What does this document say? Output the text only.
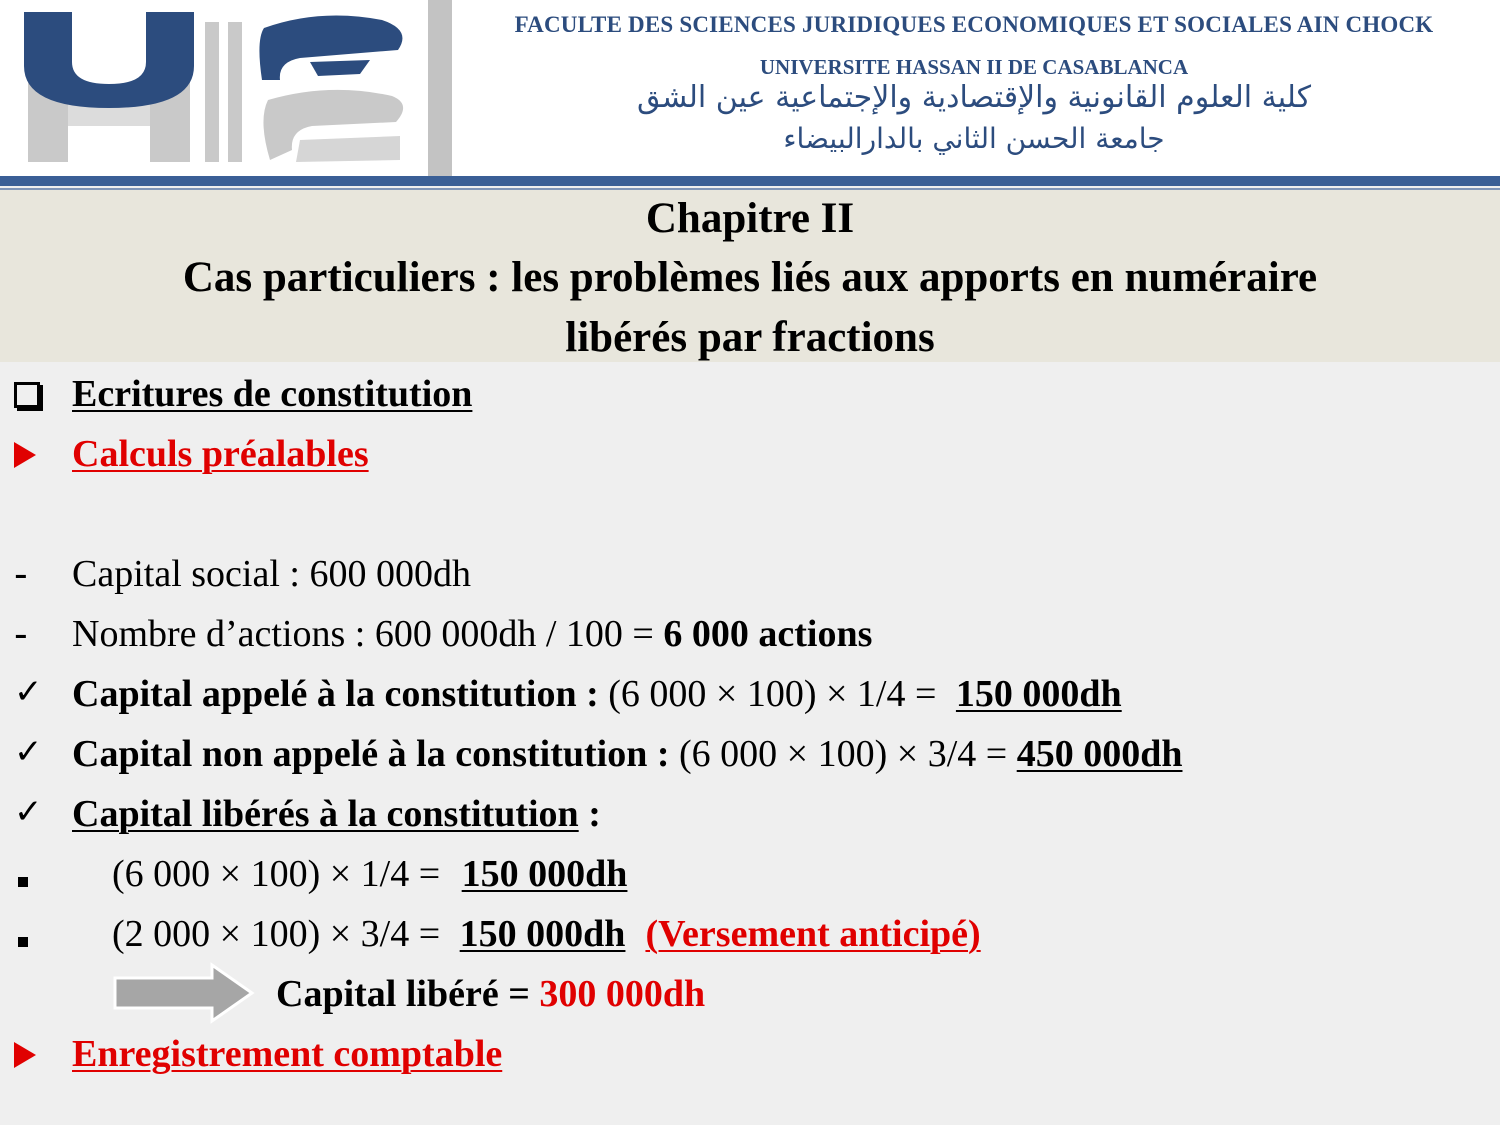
FACULTE DES SCIENCES JURIDIQUES ECONOMIQUES ET SOCIALES AIN CHOCK
UNIVERSITE HASSAN II DE CASABLANCA
كلية العلوم القانونية والإقتصادية والإجتماعية عين الشق
جامعة الحسن الثاني بالدارالبيضاء
Chapitre II
Cas particuliers : les problèmes liés aux apports en numéraire
libérés par fractions
Ecritures de constitution
Calculs préalables
-	Capital social : 600 000dh
-	Nombre d’actions : 600 000dh / 100 = 6 000 actions
✓ Capital appelé à la constitution : (6 000 × 100) × 1/4 = 150 000dh
✓ Capital non appelé à la constitution : (6 000 × 100) × 3/4 = 450 000dh
✓ Capital libérés à la constitution :
(6 000 × 100) × 1/4 = 150 000dh
(2 000 × 100) × 3/4 = 150 000dh (Versement anticipé)
Capital libéré = 300 000dh
Enregistrement comptable
